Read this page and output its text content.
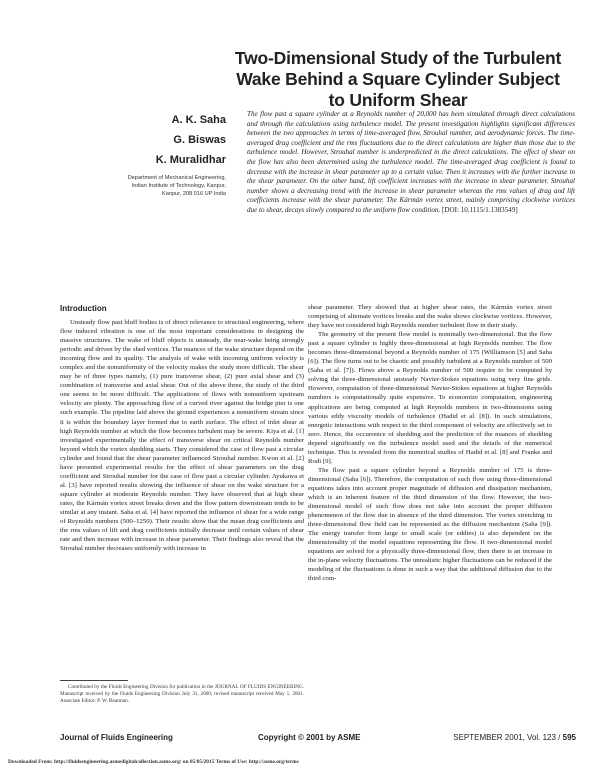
Two-Dimensional Study of the Turbulent Wake Behind a Square Cylinder Subject to Uniform Shear
A. K. Saha
G. Biswas
K. Muralidhar
Department of Mechanical Engineering, Indian Institute of Technology, Kanpur, Kanpur, 208 016 UP India
The flow past a square cylinder at a Reynolds number of 20,000 has been simulated through direct calculations and through the calculations using turbulence model. The present investigation highlights significant differences between the two approaches in terms of time-averaged flow, Strouhal number, and aerodynamic forces. The time-averaged drag coefficient and the rms fluctuations due to the direct calculations are higher than those due to the turbulence model. However, Strouhal number is underpredicted in the direct calculations. The effect of shear on the flow has also been determined using the turbulence model. The time-averaged drag coefficient is found to decrease with the increase in shear parameter up to a certain value. Then it increases with the further increase in the shear parameter. On the other hand, lift coefficient increases with the increase in shear parameter. Strouhal number shows a decreasing trend with the increase in shear parameter whereas the rms values of drag and lift coefficients increase with the shear parameter. The Kármán vortex street, mainly comprising clockwise vortices due to shear, decays slowly compared to the uniform flow condition. [DOI: 10.1115/1.1383549]
Introduction

Unsteady flow past bluff bodies is of direct relevance to structural engineering, where flow induced vibration is one of the most important considerations in designing the massive structures. The wake of bluff objects is unsteady, the near-wake being strongly periodic and driven by the shed vortices. The nuances of the wake structure depend on the incoming flow and its quality. The analysis of wake with incoming uniform velocity is complex and the nonuniformity of the velocity makes the study more difficult. The shear may be of three types namely, (1) pure transverse shear, (2) pure axial shear and (3) combination of transverse and axial shear. Out of the above three, the study of the third one seems to be more difficult. The applications of flows with nonuniform upstream velocity are plenty. The approaching flow of a curved river against the bridge pier is one such example. The pipeline laid above the ground experiences a nonuniform stream since it is within the boundary layer formed due to earth surface. The effect of inlet shear at high Reynolds number at which the flow becomes turbulent may be severe. Kiya et al. [1] investigated experimentally the effect of transverse shear on critical Reynolds number beyond which the vortex shedding starts. They considered the case of flow past a circular cylinder and found that the shear parameter influenced Strouhal number. Kwon et al. [2] have presented experimental results for the effect of shear parameters on the drag coefficient and Strouhal number for the case of flow past a circular cylinder. Ayukawa et al. [3] have reported results showing the influence of shear on the wake structure for a square cylinder at moderate Reynolds number. They have observed that at high shear rates, the Kármán vortex street breaks down and the flow pattern downstream tends to be similar at any instant. Saha et al. [4] have reported the influence of shear for a wide range of Reynolds numbers (500–1250). Their results show that the mean drag coefficients and the rms values of lift and drag coefficients initially decrease until certain values of shear rate and then increase with increase in shear parameter. Their findings also reveal that the Strouhal number decreases uniformly with increase in

shear parameter. They showed that at higher shear rates, the Kármán vortex street comprising of alternate vortices breaks and the wake shows clockwise vortices. However, they have not considered high Reynolds number turbulent flow in their study.

The geometry of the present flow model is nominally two-dimensional. But the flow past a square cylinder is highly three-dimensional at high Reynolds number. The flow becomes three-dimensional beyond a Reynolds number of 175 (Williamson [5] and Saha [6]). The flow turns out to be chaotic and possibly turbulent at a Reynolds number of 500 (Saha et al. [7]). Flows above a Reynolds number of 500 require to be computed by solving the three-dimensional unsteady Navier-Stokes equations using very fine grids. However, computation of three-dimensional Navier-Stokes equations at higher Reynolds numbers is computationally quite expensive. To economize computation, engineering applications are being computed at high Reynolds numbers in two-dimensions using various eddy viscosity models of turbulence (Hadid et al. [8]). In such simulations, energetic interactions with respect to the third component of velocity are effectively set to zero. Hence, the occurrence of shedding and the prediction of the nuances of shedding depend significantly on the turbulence model used and the details of the numerical technique. This is revealed from the numerical studies of Hadid et al. [8] and Franke and Rodi [9].

The flow past a square cylinder beyond a Reynolds number of 175 is three-dimensional (Saha [6]). Therefore, the computation of such flow using three-dimensional equations takes into account proper magnitude of diffusion and dissipation mechanism, which is an inherent feature of the third dimension of the flow. However, the two-dimensional model of such flow does not take into account the proper diffusion phenomenon of the flow due in absence of the third dimension. The vortex stretching in three-dimensional flow field can be represented as the diffusion mechanism (Saha [9]). The energy transfer from large to small scale (or eddies) is also dependent on the dimensionality of the model equations representing the flow. If two-dimensional model equations are solved for a physically three-dimensional flow, then there is an increase in the in-plane velocity fluctuations. The unrealistic higher fluctuations can be reduced if the modeling of the fluctuations is done in such a way that the additional diffusion due to the third com-

Contributed by the Fluids Engineering Division for publication in the JOURNAL OF FLUIDS ENGINEERING. Manuscript received by the Fluids Engineering Division July 31, 2000; revised manuscript received May 1, 2001. Associate Editor: P. W. Bearman.
Journal of Fluids Engineering	Copyright © 2001 by ASME	SEPTEMBER 2001, Vol. 123 / 595
Downloaded From: http://fluidsengineering.asmedigitalcollection.asme.org/ on 05/05/2015 Terms of Use: http://asme.org/terms
